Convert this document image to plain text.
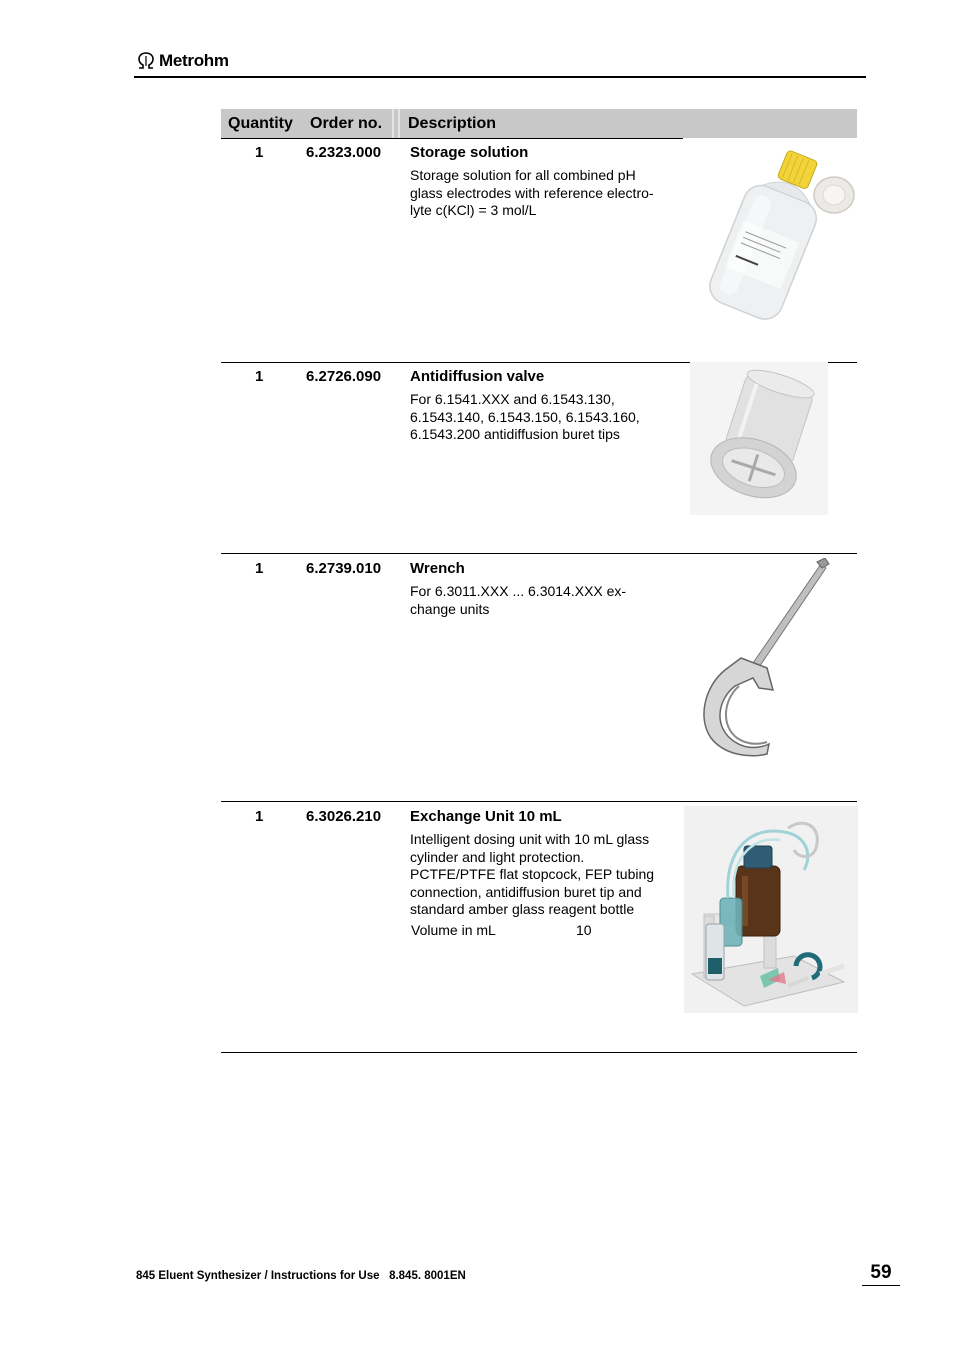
Metrohm
Quantity Order no. Description
1	6.2323.000 Storage solution
Storage solution for all combined pH
glass electrodes with reference electro-
lyte c(KCl) = 3 mol/L
1	6.2726.090 Antidiffusion valve
For 6.1541.XXX and 6.1543.130,
6.1543.140, 6.1543.150, 6.1543.160,
6.1543.200 antidiffusion buret tips
1	6.2739.010 Wrench
For 6.3011.XXX ... 6.3014.XXX ex-
change units
1	6.3026.210 Exchange Unit 10 mL
Intelligent dosing unit with 10 mL glass
cylinder and light protection.
PCTFE/PTFE flat stopcock, FEP tubing
connection, antidiffusion buret tip and
standard amber glass reagent bottle
Volume in mL	10
845 Eluent Synthesizer / Instructions for Use   8.845. 8001EN	59
